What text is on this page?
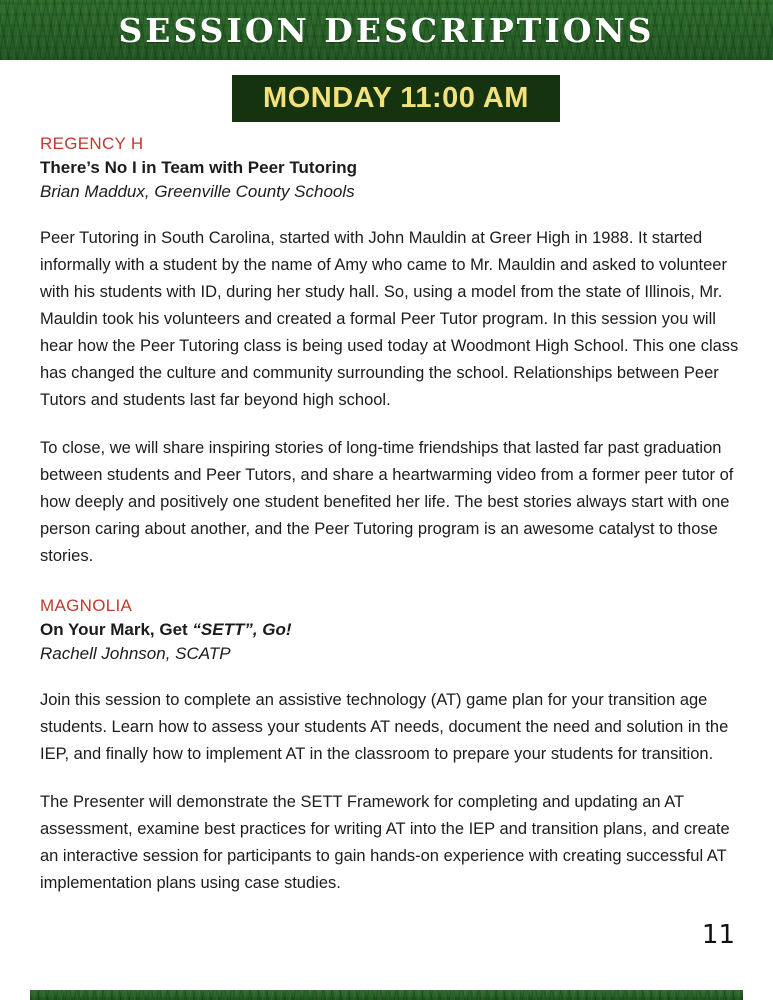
SESSION DESCRIPTIONS
MONDAY 11:00 AM
REGENCY H
There’s No I in Team with Peer Tutoring
Brian Maddux, Greenville County Schools

Peer Tutoring in South Carolina, started with John Mauldin at Greer High in 1988. It started informally with a student by the name of Amy who came to Mr. Mauldin and asked to volunteer with his students with ID, during her study hall. So, using a model from the state of Illinois, Mr. Mauldin took his volunteers and created a formal Peer Tutor program. In this session you will hear how the Peer Tutoring class is being used today at Woodmont High School. This one class has changed the culture and community surrounding the school. Relationships between Peer Tutors and students last far beyond high school.

To close, we will share inspiring stories of long-time friendships that lasted far past graduation between students and Peer Tutors, and share a heartwarming video from a former peer tutor of how deeply and positively one student benefited her life. The best stories always start with one person caring about another, and the Peer Tutoring program is an awesome catalyst to those stories.

MAGNOLIA
On Your Mark, Get “SETT”, Go!
Rachell Johnson, SCATP

Join this session to complete an assistive technology (AT) game plan for your transition age students. Learn how to assess your students AT needs, document the need and solution in the IEP, and finally how to implement AT in the classroom to prepare your students for transition.

The Presenter will demonstrate the SETT Framework for completing and updating an AT assessment, examine best practices for writing AT into the IEP and transition plans, and create an interactive session for participants to gain hands-on experience with creating successful AT implementation plans using case studies.

11
